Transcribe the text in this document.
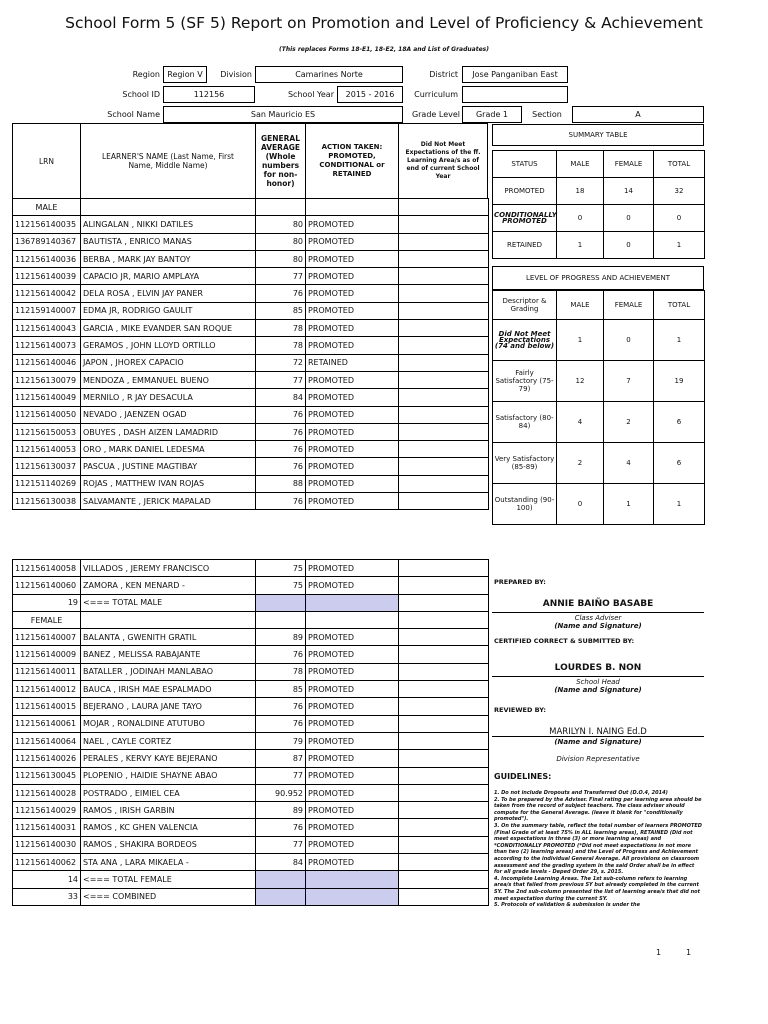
School Form 5 (SF 5) Report on Promotion and Level of Proficiency & Achievement
(This replaces Forms 18-E1, 18-E2, 18A and List of Graduates)
Region Region V	Division	Camarines Norte	District	Jose Panganiban East
School ID	112156	School Year	2015 - 2016	Curriculum
School Name	San Mauricio ES	Grade Level	Grade 1	Section	A
LRN	LEARNER'S NAME (Last Name, First Name, Middle Name)
GENERAL AVERAGE (Whole numbers for non-honor)
ACTION TAKEN: PROMOTED, CONDITIONAL or RETAINED
Did Not Meet Expectations of the ff. Learning Area/s as of end of current School Year
MALE				
112156140035	ALINGALAN , NIKKI DATILES	80	PROMOTED	
136789140367	BAUTISTA , ENRICO MANAS	80	PROMOTED	
112156140036	BERBA , MARK JAY BANTOY	80	PROMOTED	
112156140039	CAPACIO JR, MARIO AMPLAYA	77	PROMOTED	
112156140042	DELA ROSA , ELVIN JAY PANER	76	PROMOTED	
112159140007	EDMA JR, RODRIGO GAULIT	85	PROMOTED	
112156140043	GARCIA , MIKE EVANDER SAN ROQUE	78	PROMOTED	
112156140073	GERAMOS , JOHN LLOYD ORTILLO	78	PROMOTED	
112156140046	JAPON , JHOREX CAPACIO	72	RETAINED	
112156130079	MENDOZA , EMMANUEL BUENO	77	PROMOTED	
112156140049	MERNILO , R JAY DESACULA	84	PROMOTED	
112156140050	NEVADO , JAENZEN OGAD	76	PROMOTED	
112156150053	OBUYES , DASH AIZEN LAMADRID	76	PROMOTED	
112156140053	ORO , MARK DANIEL LEDESMA	76	PROMOTED	
112156130037	PASCUA , JUSTINE MAGTIBAY	76	PROMOTED	
112151140269	ROJAS , MATTHEW IVAN ROJAS	88	PROMOTED	
112156130038	SALVAMANTE , JERICK MAPALAD	76	PROMOTED	
112156140058	VILLADOS , JEREMY FRANCISCO	75	PROMOTED	
112156140060	ZAMORA , KEN MENARD -	75	PROMOTED	
19	<=== TOTAL MALE			
FEMALE				
112156140007	BALANTA , GWENITH GRATIL	89	PROMOTED	
112156140009	BANEZ , MELISSA RABAJANTE	76	PROMOTED	
112156140011	BATALLER , JODINAH MANLABAO	78	PROMOTED	
112156140012	BAUCA , IRISH MAE ESPALMADO	85	PROMOTED	
112156140015	BEJERANO , LAURA JANE TAYO	76	PROMOTED	
112156140061	MOJAR , RONALDINE ATUTUBO	76	PROMOTED	
112156140064	NAEL , CAYLE CORTEZ	79	PROMOTED	
112156140026	PERALES , KERVY KAYE BEJERANO	87	PROMOTED	
112156130045	PLOPENIO , HAIDIE SHAYNE ABAO	77	PROMOTED	
112156140028	POSTRADO , EIMIEL CEA	90.952	PROMOTED	
112156140029	RAMOS , IRISH GARBIN	89	PROMOTED	
112156140031	RAMOS , KC GHEN VALENCIA	76	PROMOTED	
112156140030	RAMOS , SHAKIRA BORDEOS	77	PROMOTED	
112156140062	STA ANA , LARA MIKAELA -	84	PROMOTED	
14	<=== TOTAL FEMALE			
33	<=== COMBINED			
SUMMARY TABLE
STATUS	MALE	FEMALE	TOTAL
PROMOTED	18	14	32
CONDITIONALLY PROMOTED	0	0	0
RETAINED	1	0	1
LEVEL OF PROGRESS AND ACHIEVEMENT
Descriptor & Grading	MALE	FEMALE	TOTAL
Did Not Meet Expectations (74 and below)	1	0	1
Fairly Satisfactory (75-79)	12	7	19
Satisfactory (80-84)	4	2	6
Very Satisfactory (85-89)	2	4	6
Outstanding (90-100)	0	1	1
PREPARED BY:
ANNIE BAIÑO BASABE
Class Adviser
(Name and Signature)
CERTIFIED CORRECT & SUBMITTED BY:
LOURDES B. NON
School Head
(Name and Signature)
REVIEWED BY:
MARILYN I. NAING Ed.D
(Name and Signature)
Division Representative
GUIDELINES:
1. Do not include Dropouts and Transferred Out (D.O.4, 2014)
2. To be prepared by the Adviser. Final rating per learning area should be taken from the record of subject teachers. The class adviser should compute for the General Average. (leave it blank for "conditionally promoted").
3. On the summary table, reflect the total number of learners PROMOTED (Final Grade of at least 75% in ALL learning areas), RETAINED (Did not meet expectations in three (3) or more learning areas) and *CONDITIONALLY PROMOTED (*Did not meet expectations in not more than two (2) learning areas) and the Level of Progress and Achievement according to the individual General Average. All provisions on classroom assessment and the grading system in the said Order shall be in effect for all grade levels - Deped Order 29, s. 2015.
4. Incomplete Learning Areas. The 1st sub-column refers to learning area/s that failed from previous SY but already completed in the current SY. The 2nd sub-column presented the list of learning area/s that did not meet expectation during the current SY.
5. Protocols of validation & submission is under the
1	1
